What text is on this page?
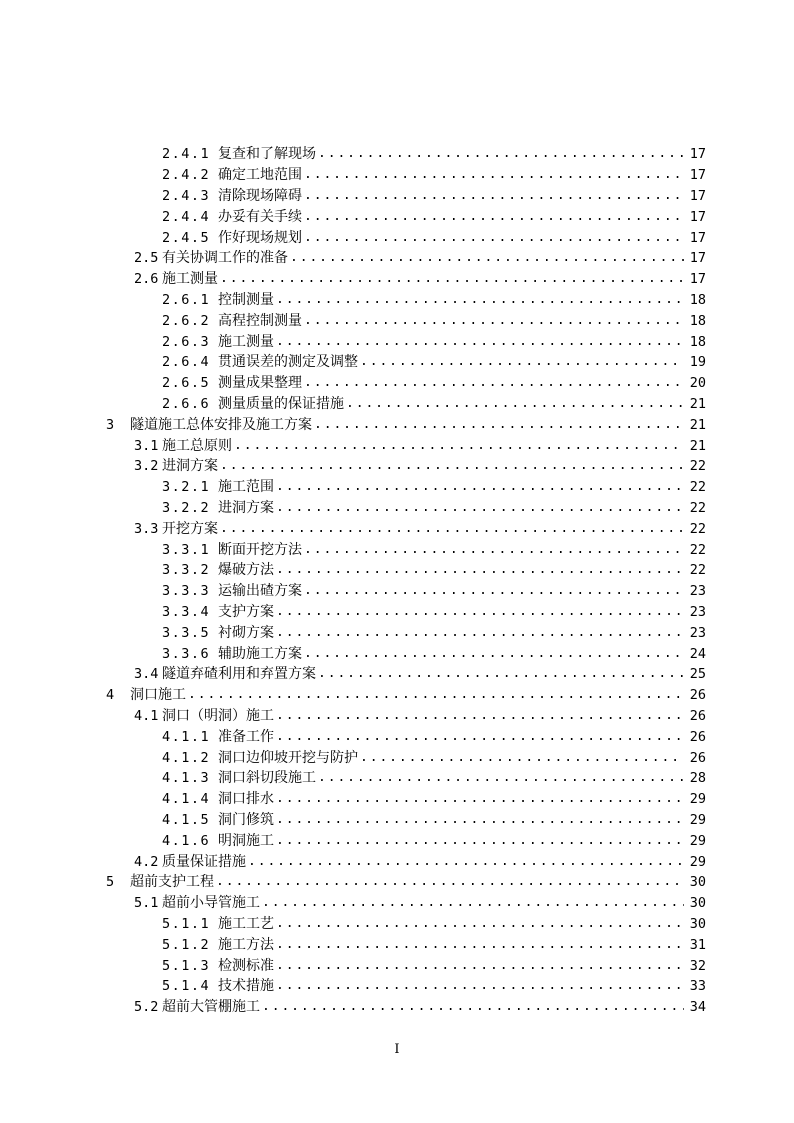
2.4.1 复查和了解现场 .....	17
2.4.2 确定工地范围 .....	17
2.4.3 清除现场障碍 .....	17
2.4.4 办妥有关手续 .....	17
2.4.5 作好现场规划 .....	17
2.5 有关协调工作的准备 .....	17
2.6 施工测量 .....	17
2.6.1 控制测量 .....	18
2.6.2 高程控制测量 .....	18
2.6.3 施工测量 .....	18
2.6.4 贯通误差的测定及调整 .....	19
2.6.5 测量成果整理 .....	20
2.6.6 测量质量的保证措施 .....	21
3	隧道施工总体安排及施工方案 .....	21
3.1 施工总原则 .....	21
3.2 进洞方案 .....	22
3.2.1 施工范围 .....	22
3.2.2 进洞方案 .....	22
3.3 开挖方案 .....	22
3.3.1 断面开挖方法 .....	22
3.3.2 爆破方法 .....	22
3.3.3 运输出碴方案 .....	23
3.3.4 支护方案 .....	23
3.3.5 衬砌方案 .....	23
3.3.6 辅助施工方案 .....	24
3.4 隧道弃碴利用和弃置方案 .....	25
4	洞口施工 .....	26
4.1 洞口（明洞）施工 .....	26
4.1.1 准备工作 .....	26
4.1.2 洞口边仰坡开挖与防护 .....	26
4.1.3 洞口斜切段施工 .....	28
4.1.4 洞口排水 .....	29
4.1.5 洞门修筑 .....	29
4.1.6 明洞施工 .....	29
4.2 质量保证措施 .....	29
5	超前支护工程 .....	30
5.1 超前小导管施工 .....	30
5.1.1 施工工艺 .....	30
5.1.2 施工方法 .....	31
5.1.3 检测标准 .....	32
5.1.4 技术措施 .....	33
5.2 超前大管棚施工 .....	34
I
